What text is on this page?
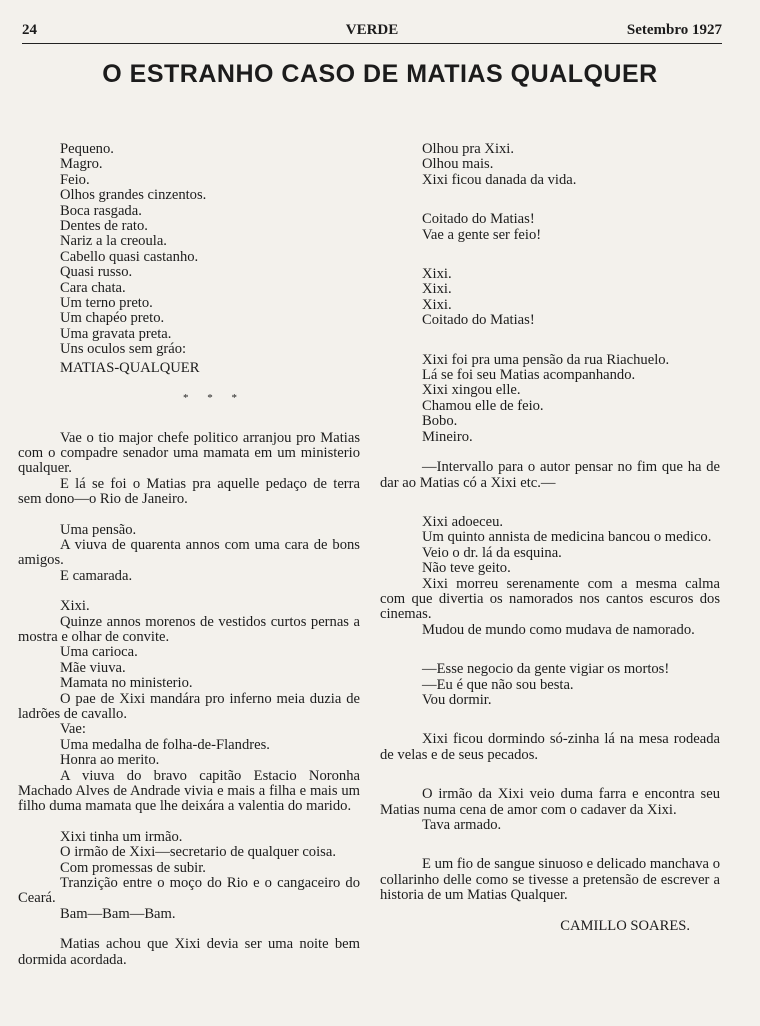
24	VERDE	Setembro 1927
O ESTRANHO CASO DE MATIAS QUALQUER
Pequeno.
Magro.
Feio.
Olhos grandes cinzentos.
Boca rasgada.
Dentes de rato.
Nariz a la creoula.
Cabello quasi castanho.
Quasi russo.
Cara chata.
Um terno preto.
Um chapéo preto.
Uma gravata preta.
Uns oculos sem gráo:
MATIAS-QUALQUER
* * *

Vae o tio major chefe politico arranjou pro Matias com o compadre senador uma mamata em um ministerio qualquer.

E lá se foi o Matias pra aquelle pedaço de terra sem dono—o Rio de Janeiro.

Uma pensão.

A viuva de quarenta annos com uma cara de bons amigos.

E camarada.
Xixi.

Quinze annos morenos de vestidos curtos pernas a mostra e olhar de convite.

Uma carioca.
Mãe viuva.
Mamata no ministerio.

O pae de Xixi mandára pro inferno meia duzia de ladrões de cavallo.

Vae:
Uma medalha de folha-de-Flandres.
Honra ao merito.

A viuva do bravo capitão Estacio Noronha Machado Alves de Andrade vivia e mais a filha e mais um filho duma mamata que lhe deixára a valentia do marido.

Xixi tinha um irmão.

O irmão de Xixi—secretario de qualquer coisa.

Com promessas de subir.

Tranzição entre o moço do Rio e o cangaceiro do Ceará.

Bam—Bam—Bam.

Matias achou que Xixi devia ser uma noite bem dormida acordada.

Olhou pra Xixi.
Olhou mais.
Xixi ficou danada da vida.
Coitado do Matias!
Vae a gente ser feio!
Xixi.
Xixi.
Xixi.
Coitado do Matias!

Xixi foi pra uma pensão da rua Riachuelo.

Lá se foi seu Matias acompanhando.
Xixi xingou elle.
Chamou elle de feio.
Bobo.
Mineiro.

—Intervallo para o autor pensar no fim que ha de dar ao Matias có a Xixi etc.—

Xixi adoeceu.

Um quinto annista de medicina bancou o medico.

Veio o dr. lá da esquina.
Não teve geito.

Xixi morreu serenamente com a mesma calma com que divertia os namorados nos cantos escuros dos cinemas.

Mudou de mundo como mudava de namorado.

—Esse negocio da gente vigiar os mortos!

—Eu é que não sou besta.
Vou dormir.

Xixi ficou dormindo só-zinha lá na mesa rodeada de velas e de seus pecados.

O irmão da Xixi veio duma farra e encontra seu Matias numa cena de amor com o cadaver da Xixi.

Tava armado.

E um fio de sangue sinuoso e delicado manchava o collarinho delle como se tivesse a pretensão de escrever a historia de um Matias Qualquer.

CAMILLO SOARES.
